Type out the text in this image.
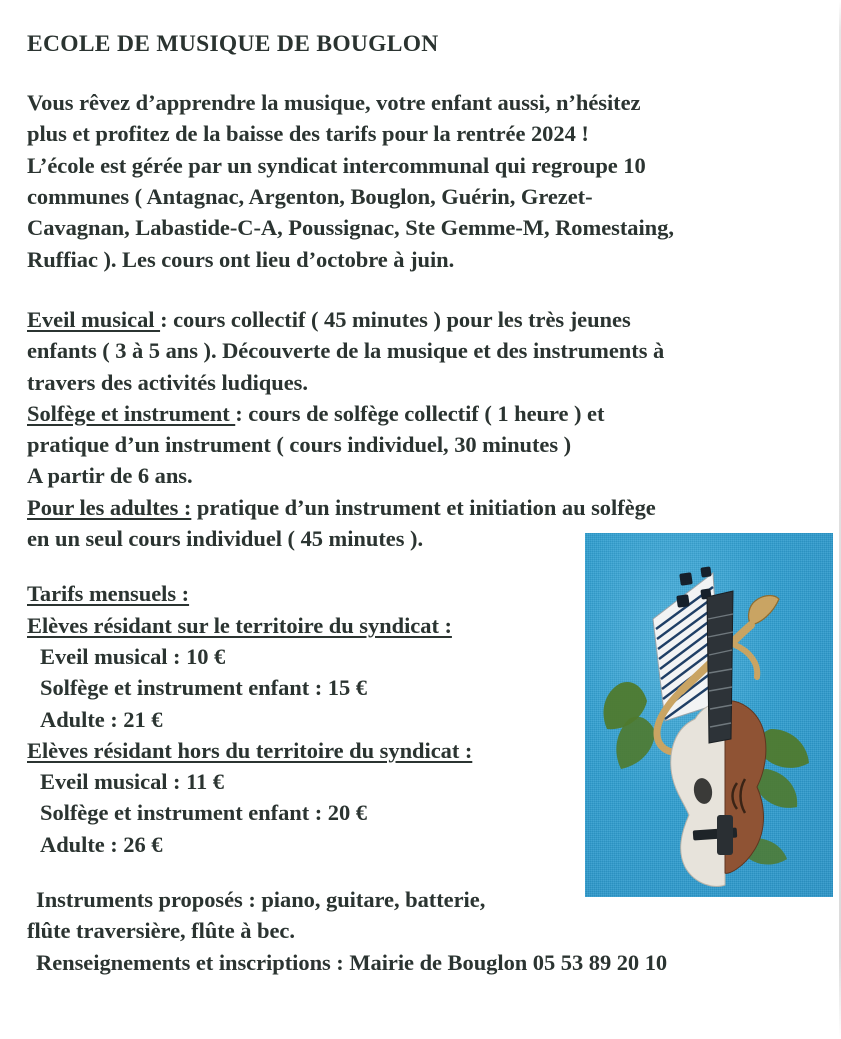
ECOLE DE MUSIQUE DE BOUGLON

Vous rêvez d’apprendre la musique, votre enfant aussi, n’hésitez

plus et profitez de la baisse des tarifs pour la rentrée 2024 !

L’école est gérée par un syndicat intercommunal qui regroupe 10

communes ( Antagnac, Argenton, Bouglon, Guérin, Grezet-

Cavagnan, Labastide-C-A, Poussignac, Ste Gemme-M, Romestaing,

Ruffiac ). Les cours ont lieu d’octobre à juin.

Eveil musical : cours collectif ( 45 minutes ) pour les très jeunes

enfants ( 3 à 5 ans ). Découverte de la musique et des instruments à

travers des activités ludiques.

Solfège et instrument : cours de solfège collectif ( 1 heure ) et

pratique d’un instrument ( cours individuel, 30 minutes )

A partir de 6 ans.

Pour les adultes : pratique d’un instrument et initiation au solfège

en un seul cours individuel ( 45 minutes ).

Tarifs mensuels :

Elèves résidant sur le territoire du syndicat :

Eveil musical : 10 €

Solfège et instrument enfant : 15 €

Adulte : 21 €

Elèves résidant hors du territoire du syndicat :

Eveil musical : 11 €

Solfège et instrument enfant : 20 €

Adulte : 26 €

Instruments proposés : piano, guitare, batterie,

flûte traversière, flûte à bec.

Renseignements et inscriptions : Mairie de Bouglon 05 53 89 20 10
